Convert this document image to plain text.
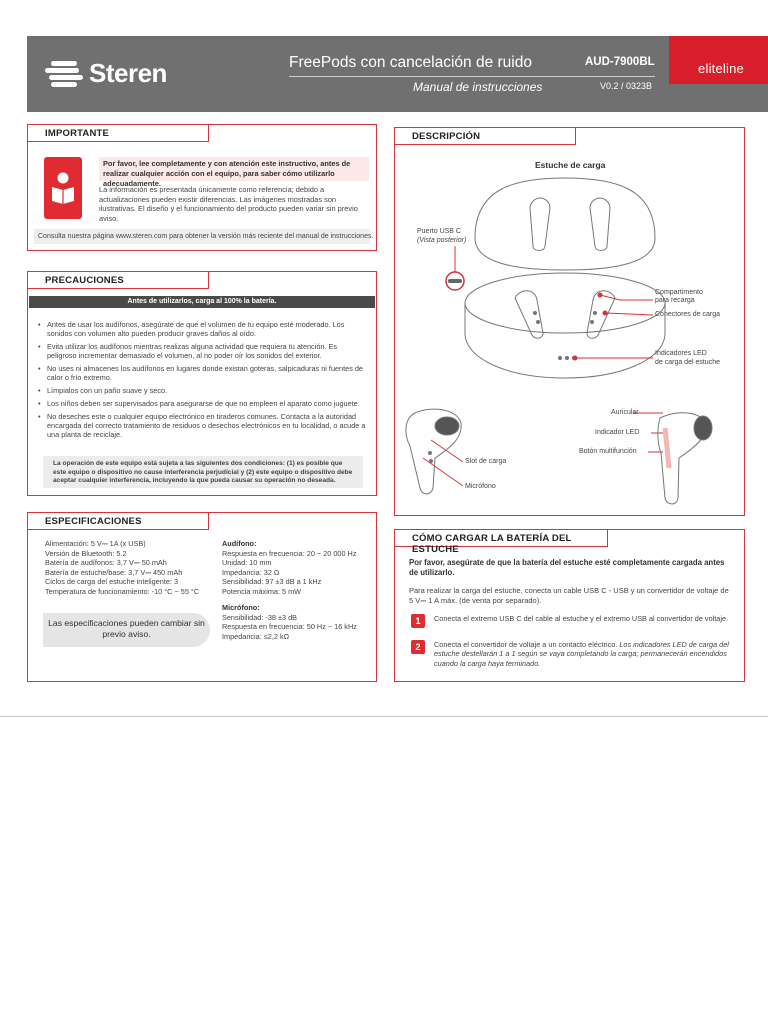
Steren	FreePods con cancelación de ruido
Manual de instrucciones
AUD-7900BL
V0.2 / 0323B
eliteline
IMPORTANTE
Por favor, lee completamente y con atención este instructivo, antes de realizar cualquier acción con el equipo, para saber cómo utilizarlo adecuadamente.
La información es presentada únicamente como referencia; debido a actualizaciones pueden existir diferencias. Las imágenes mostradas son ilustrativas. El diseño y el funcionamiento del producto pueden variar sin previo aviso.
Consulta nuestra página www.steren.com para obtener la versión más reciente del manual de instrucciones.
PRECAUCIONES
Antes de utilizarlos, carga al 100% la batería.
• Antes de usar los audífonos, asegúrate de que el volumen de tu equipo esté moderado. Los sonidos con volumen alto pueden producir graves daños al oído.
• Evita utilizar los audífonos mientras realizas alguna actividad que requiera tu atención. Es peligroso incrementar demasiado el volumen, al no poder oír los sonidos del exterior.
• No uses ni almacenes los audífonos en lugares donde existan goteras, salpicaduras ni fuentes de calor o frío extremo.
• Límpialos con un paño suave y seco.
• Los niños deben ser supervisados para asegurarse de que no empleen el aparato como juguete.
• No deseches este o cualquier equipo electrónico en tiraderos comunes. Contacta a la autoridad encargada del correcto tratamiento de residuos o desechos electrónicos en tu localidad, o acude a una planta de reciclaje.
La operación de este equipo está sujeta a las siguientes dos condiciones: (1) es posible que este equipo o dispositivo no cause interferencia perjudicial y (2) este equipo o dispositivo debe aceptar cualquier interferencia, incluyendo la que pueda causar su operación no deseada.
ESPECIFICACIONES
Alimentación: 5 V⎓ 1A (x USB)
Versión de Bluetooth: 5.2
Batería de audífonos: 3,7 V⎓ 50 mAh
Batería de estuche/base: 3,7 V⎓ 450 mAh
Ciclos de carga del estuche inteligente: 3
Temperatura de funcionamiento: -10 °C ~ 55 °C
Audífono:
Respuesta en frecuencia: 20 ~ 20 000 Hz
Unidad: 10 mm
Impedancia: 32 Ω
Sensibilidad: 97 ±3 dB a 1 kHz
Potencia máxima: 5 mW
Micrófono:
Sensibilidad: -38 ±3 dB
Respuesta en frecuencia: 50 Hz ~ 16 kHz
Impedancia: ≤2,2 kΩ
Las especificaciones pueden cambiar sin previo aviso.
DESCRIPCIÓN
Estuche de carga
Puerto USB C
(Vista posterior)
Compartimento
para recarga
Conectores de carga
Indicadores LED
de carga del estuche
Auricular
Indicador LED
Botón multifunción
Slot de carga
Micrófono
CÓMO CARGAR LA BATERÍA DEL ESTUCHE
Por favor, asegúrate de que la batería del estuche esté completamente cargada antes de utilizarlo.
Para realizar la carga del estuche, conecta un cable USB C - USB y un convertidor de voltaje de 5 V⎓ 1 A máx. (de venta por separado).
1	Conecta el extremo USB C del cable al estuche y el extremo USB al convertidor de voltaje.
2	Conecta el convertidor de voltaje a un contacto eléctrico. Los indicadores LED de carga del estuche destellarán 1 a 1 según se vaya completando la carga; permanecerán encendidos cuando la carga haya terminado.
